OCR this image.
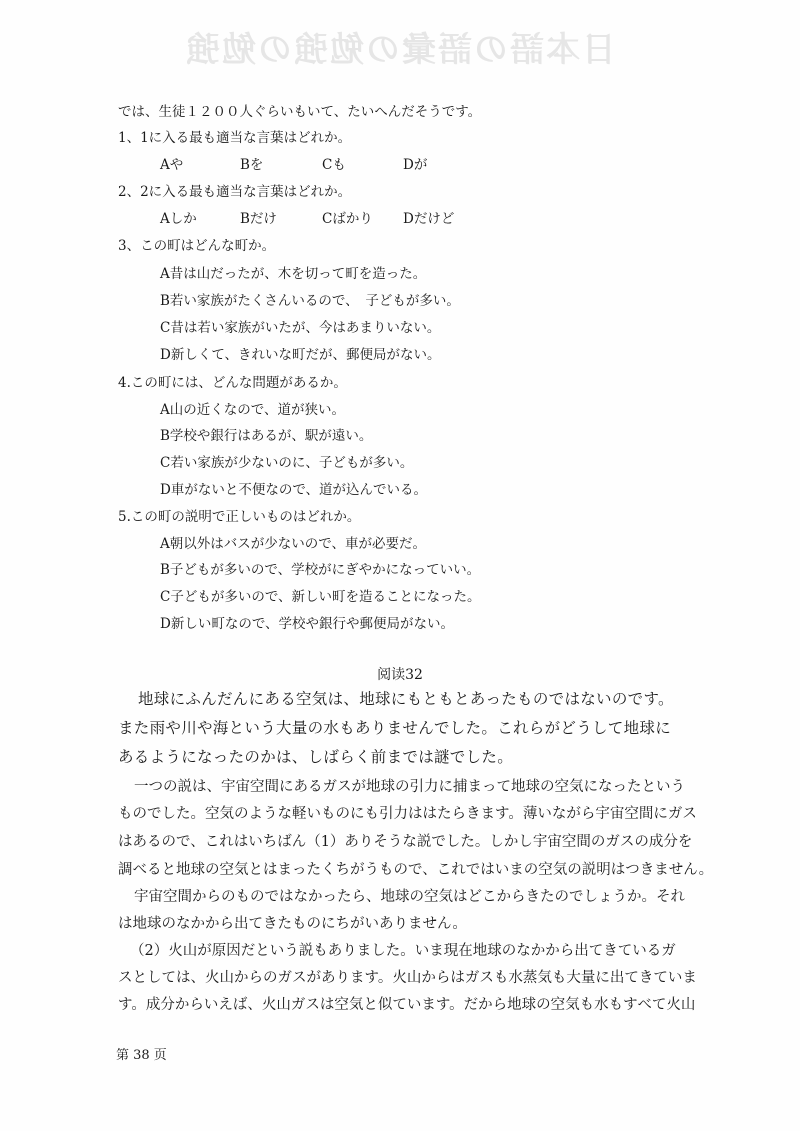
日本語の語彙の勉強の勉強
では、生徒１２００人ぐらいもいて、たいへんだそうです。
1、1に入る最も適当な言葉はどれか。
Aや	Bを	Cも	Dが
2、2に入る最も適当な言葉はどれか。
Aしか	Bだけ	Cばかり Dだけど
3、この町はどんな町か。
A昔は山だったが、木を切って町を造った。
B若い家族がたくさんいるので、　子どもが多い。
C昔は若い家族がいたが、今はあまりいない。
D新しくて、きれいな町だが、郵便局がない。
4.この町には、どんな問題があるか。
A山の近くなので、道が狭い。
B学校や銀行はあるが、駅が遠い。
C若い家族が少ないのに、子どもが多い。
D車がないと不便なので、道が込んでいる。
5.この町の説明で正しいものはどれか。
A朝以外はバスが少ないので、車が必要だ。
B子どもが多いので、学校がにぎやかになっていい。
C子どもが多いので、新しい町を造ることになった。
D新しい町なので、学校や銀行や郵便局がない。
阅读32
地球にふんだんにある空気は、地球にもともとあったものではないのです。
また雨や川や海という大量の水もありませんでした。これらがどうして地球に
あるようになったのかは、しばらく前までは謎でした。
一つの説は、宇宙空間にあるガスが地球の引力に捕まって地球の空気になったという
ものでした。空気のような軽いものにも引力ははたらきます。薄いながら宇宙空間にガス
はあるので、これはいちばん（1）ありそうな説でした。しかし宇宙空間のガスの成分を
調べると地球の空気とはまったくちがうもので、これではいまの空気の説明はつきません。
宇宙空間からのものではなかったら、地球の空気はどこからきたのでしょうか。それ
は地球のなかから出てきたものにちがいありません。
（2）火山が原因だという説もありました。いま現在地球のなかから出てきているガ
スとしては、火山からのガスがあります。火山からはガスも水蒸気も大量に出てきていま
す。成分からいえば、火山ガスは空気と似ています。だから地球の空気も水もすべて火山
第 38 页
